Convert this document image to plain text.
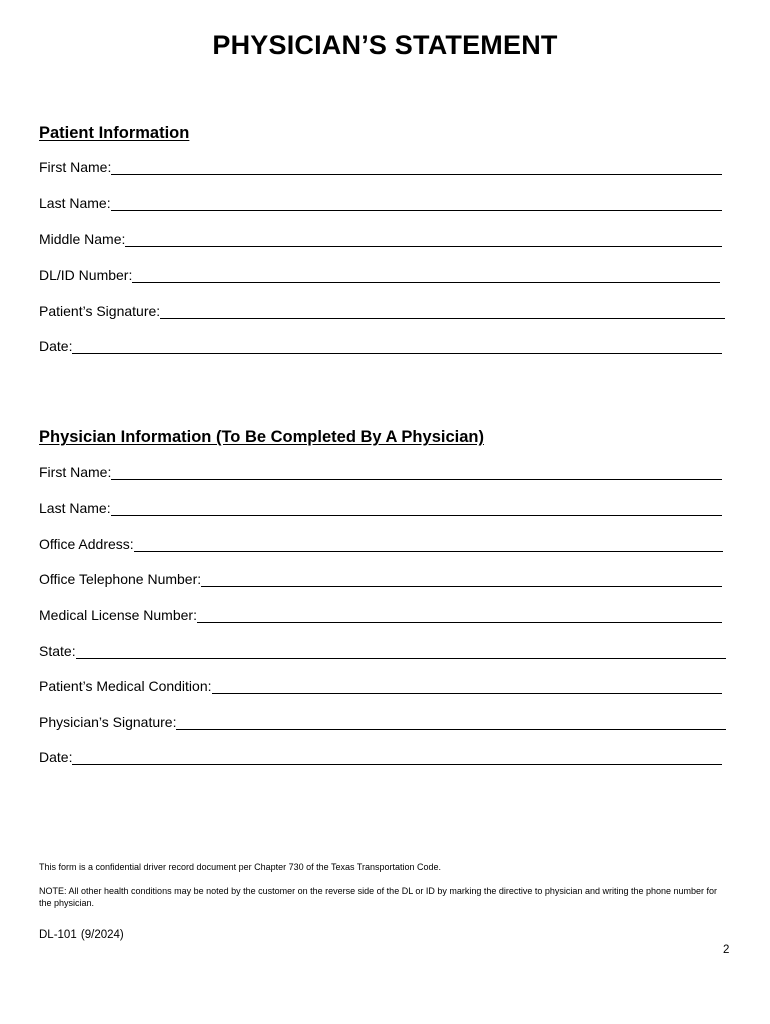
PHYSICIAN’S STATEMENT
Patient Information
First Name:
Last Name:
Middle Name:
DL/ID Number:
Patient’s Signature:
Date:
Physician Information (To Be Completed By A Physician)
First Name:
Last Name:
Office Address:
Office Telephone Number:
Medical License Number:
State:
Patient’s Medical Condition:
Physician’s Signature:
Date:

This form is a confidential driver record document per Chapter 730 of the Texas Transportation Code.

NOTE: All other health conditions may be noted by the customer on the reverse side of the DL or ID by marking the directive to physician and writing the phone number for the physician.

DL-101 (9/2024)

2
